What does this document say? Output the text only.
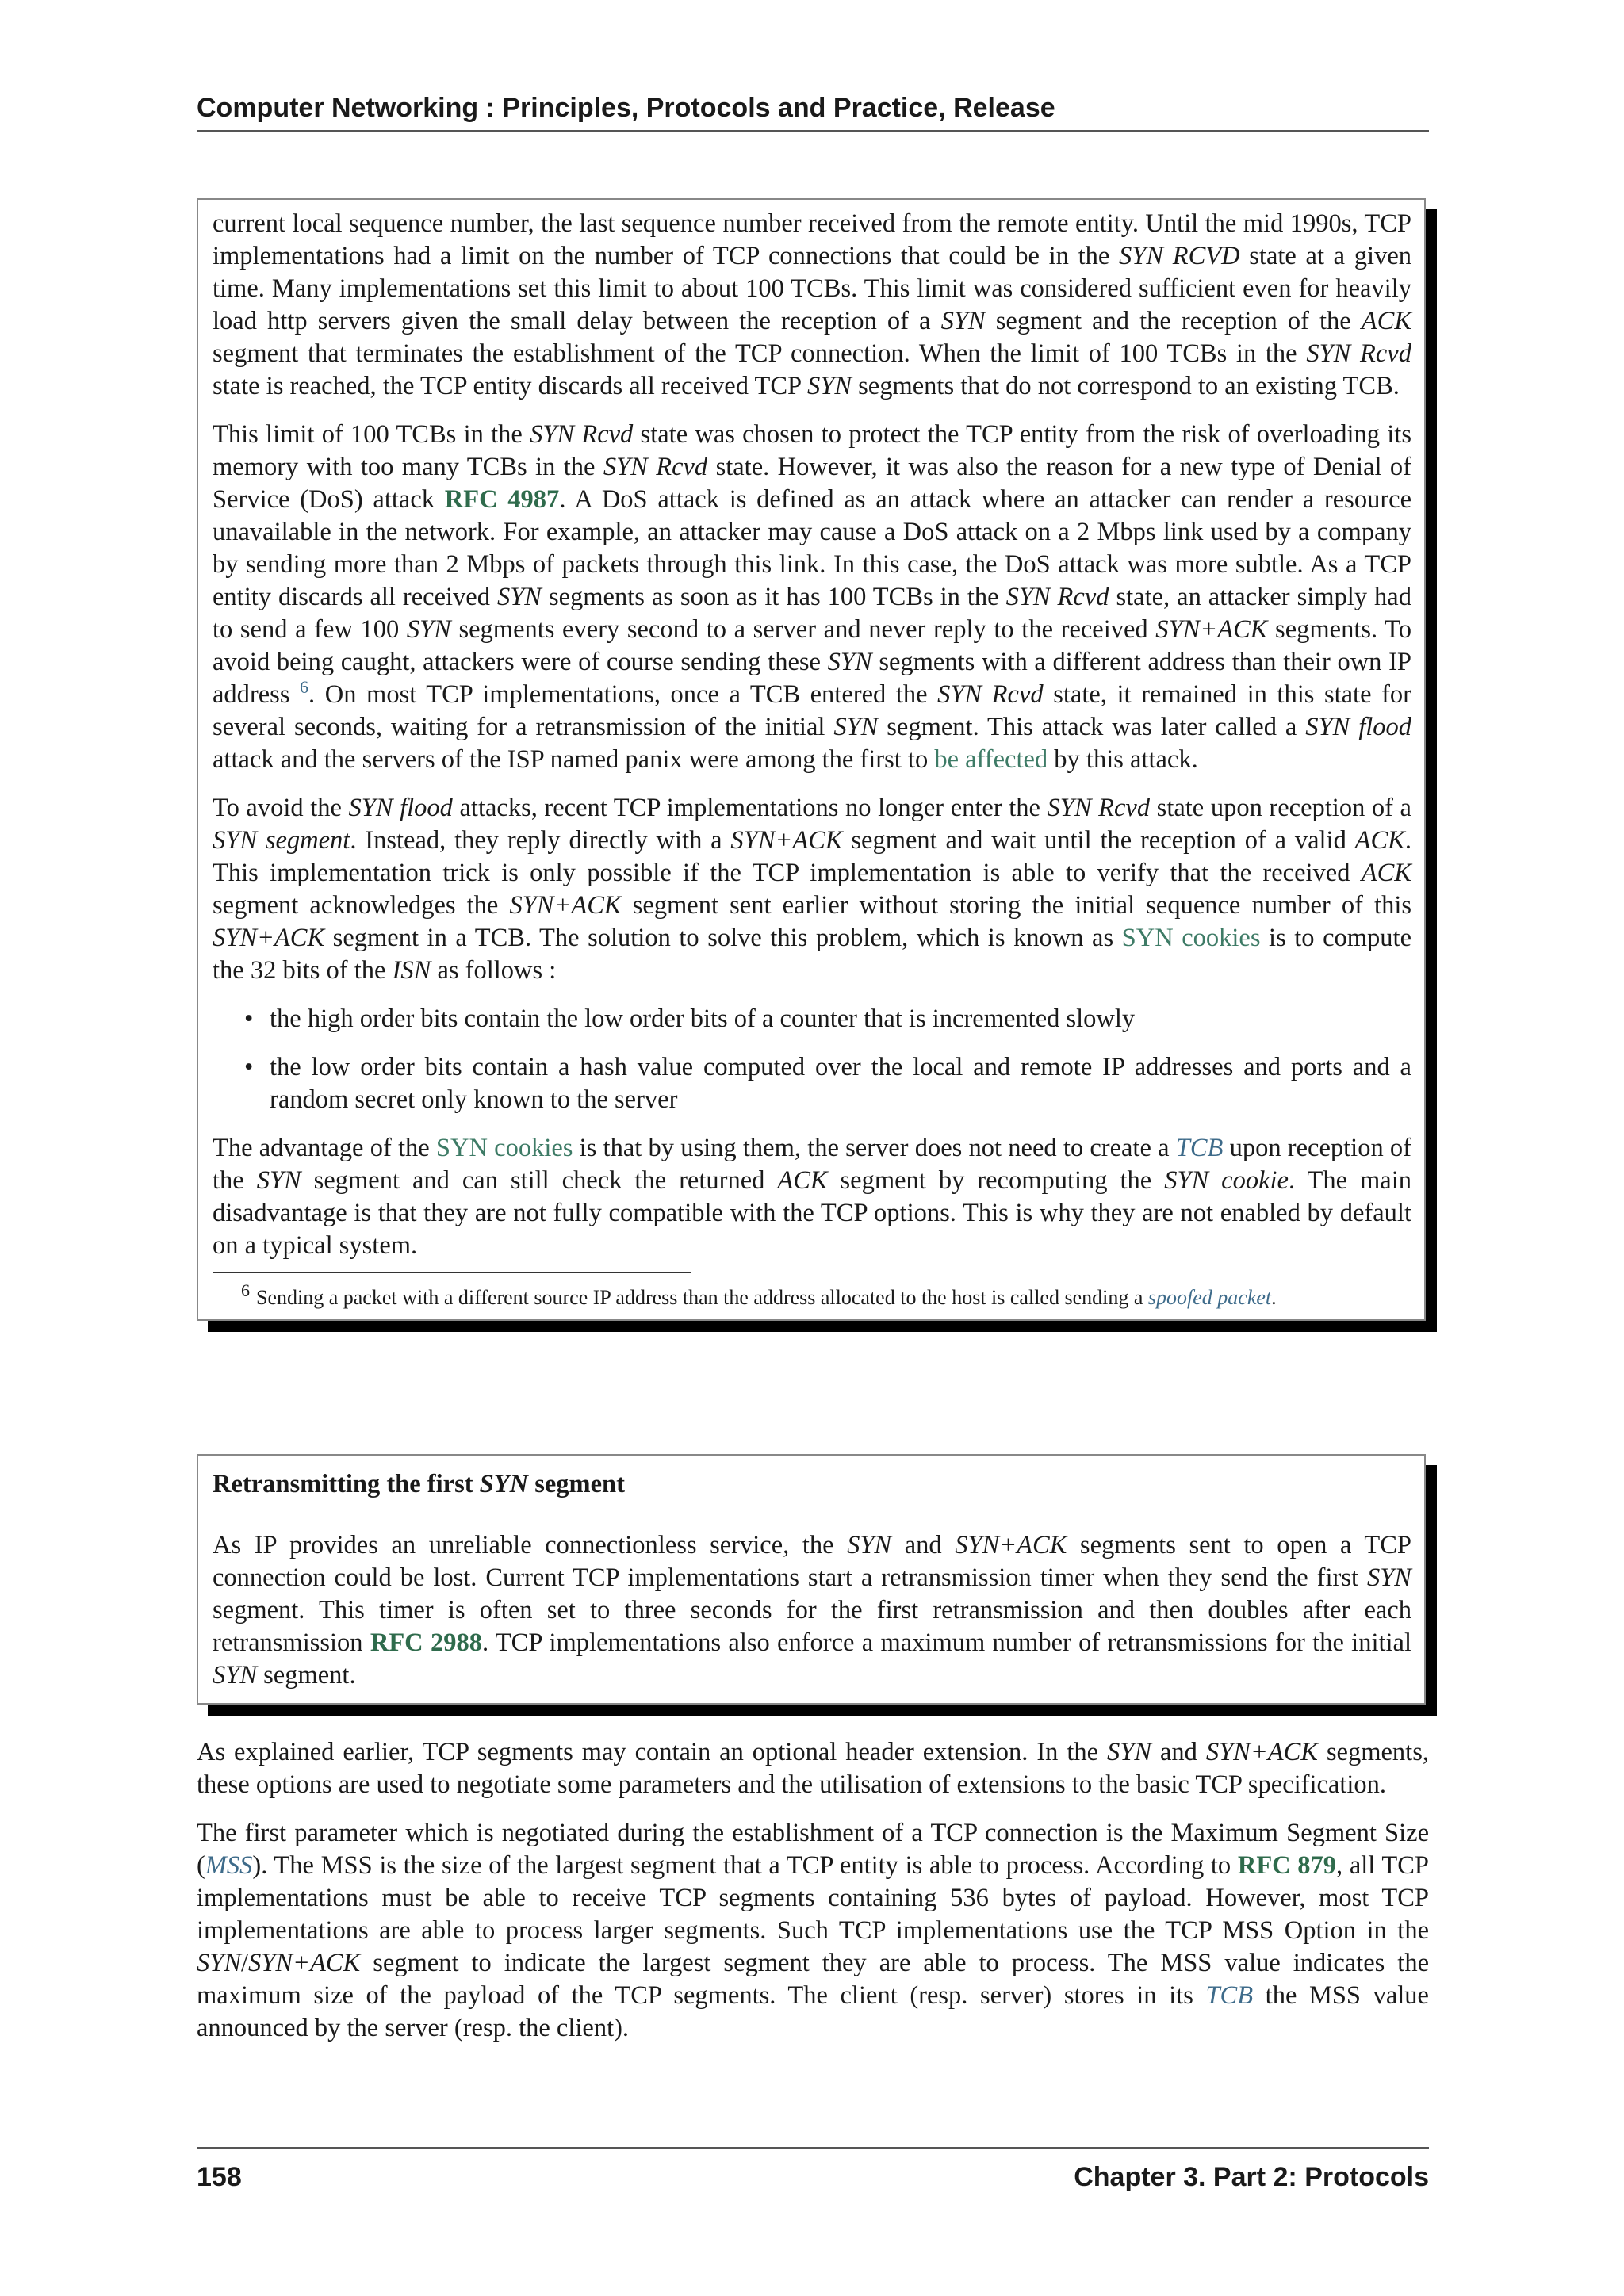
Computer Networking : Principles, Protocols and Practice, Release

current local sequence number, the last sequence number received from the remote entity. Until the mid 1990s, TCP implementations had a limit on the number of TCP connections that could be in the SYN RCVD state at a given time. Many implementations set this limit to about 100 TCBs. This limit was considered sufficient even for heavily load http servers given the small delay between the reception of a SYN segment and the reception of the ACK segment that terminates the establishment of the TCP connection. When the limit of 100 TCBs in the SYN Rcvd state is reached, the TCP entity discards all received TCP SYN segments that do not correspond to an existing TCB.

This limit of 100 TCBs in the SYN Rcvd state was chosen to protect the TCP entity from the risk of overloading its memory with too many TCBs in the SYN Rcvd state. However, it was also the reason for a new type of Denial of Service (DoS) attack RFC 4987. A DoS attack is defined as an attack where an attacker can render a resource unavailable in the network. For example, an attacker may cause a DoS attack on a 2 Mbps link used by a company by sending more than 2 Mbps of packets through this link. In this case, the DoS attack was more subtle. As a TCP entity discards all received SYN segments as soon as it has 100 TCBs in the SYN Rcvd state, an attacker simply had to send a few 100 SYN segments every second to a server and never reply to the received SYN+ACK segments. To avoid being caught, attackers were of course sending these SYN segments with a different address than their own IP address $^6$. On most TCP implementations, once a TCB entered the SYN Rcvd state, it remained in this state for several seconds, waiting for a retransmission of the initial SYN segment. This attack was later called a SYN flood attack and the servers of the ISP named panix were among the first to be affected by this attack.

To avoid the SYN flood attacks, recent TCP implementations no longer enter the SYN Rcvd state upon reception of a SYN segment. Instead, they reply directly with a SYN+ACK segment and wait until the reception of a valid ACK. This implementation trick is only possible if the TCP implementation is able to verify that the received ACK segment acknowledges the SYN+ACK segment sent earlier without storing the initial sequence number of this SYN+ACK segment in a TCB. The solution to solve this problem, which is known as SYN cookies is to compute the 32 bits of the ISN as follows :

• the high order bits contain the low order bits of a counter that is incremented slowly
• the low order bits contain a hash value computed over the local and remote IP addresses and ports and a random secret only known to the server

The advantage of the SYN cookies is that by using them, the server does not need to create a TCB upon reception of the SYN segment and can still check the returned ACK segment by recomputing the SYN cookie. The main disadvantage is that they are not fully compatible with the TCP options. This is why they are not enabled by default on a typical system.

$^6$ Sending a packet with a different source IP address than the address allocated to the host is called sending a spoofed packet.
Retransmitting the first SYN segment

As IP provides an unreliable connectionless service, the SYN and SYN+ACK segments sent to open a TCP connection could be lost. Current TCP implementations start a retransmission timer when they send the first SYN segment. This timer is often set to three seconds for the first retransmission and then doubles after each retransmission RFC 2988. TCP implementations also enforce a maximum number of retransmissions for the initial SYN segment.

As explained earlier, TCP segments may contain an optional header extension. In the SYN and SYN+ACK segments, these options are used to negotiate some parameters and the utilisation of extensions to the basic TCP specification.

The first parameter which is negotiated during the establishment of a TCP connection is the Maximum Segment Size (MSS). The MSS is the size of the largest segment that a TCP entity is able to process. According to RFC 879, all TCP implementations must be able to receive TCP segments containing 536 bytes of payload. However, most TCP implementations are able to process larger segments. Such TCP implementations use the TCP MSS Option in the SYN/SYN+ACK segment to indicate the largest segment they are able to process. The MSS value indicates the maximum size of the payload of the TCP segments. The client (resp. server) stores in its TCB the MSS value announced by the server (resp. the client).

158	Chapter 3. Part 2: Protocols
